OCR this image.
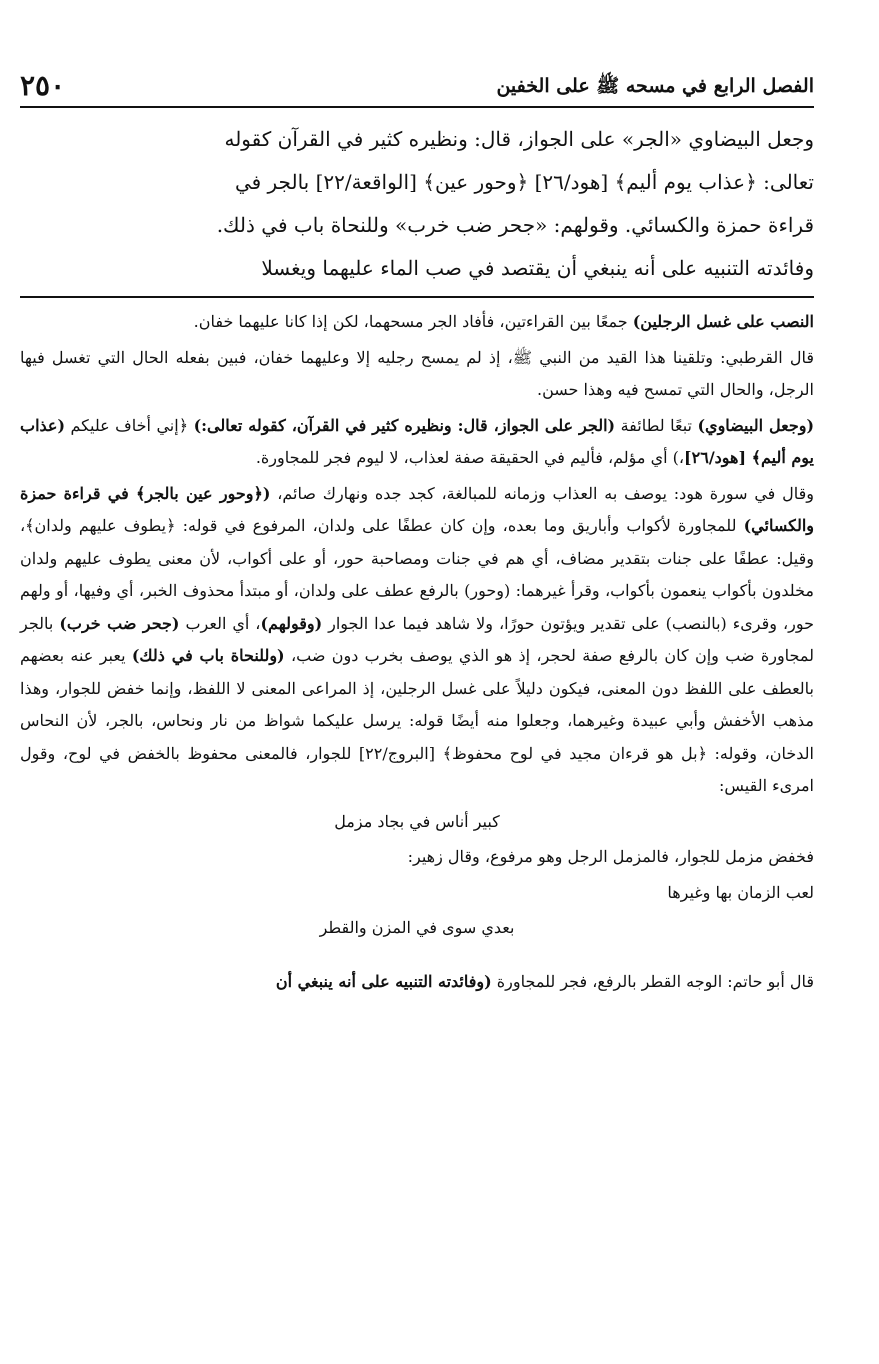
الفصل الرابع في مسحه ﷺ على الخفين
٢٥٠

وجعل البيضاوي «الجر» على الجواز، قال: ونظيره كثير في القرآن كقوله

تعالى: ﴿عذاب يوم أليم﴾ [هود/٢٦] ﴿وحور عين﴾ [الواقعة/٢٢] بالجر في

قراءة حمزة والكسائي. وقولهم: «جحر ضب خرب» وللنحاة باب في ذلك.

وفائدته التنبيه على أنه ينبغي أن يقتصد في صب الماء عليهما ويغسلا

النصب على غسل الرجلين) جمعًا بين القراءتين، فأفاد الجر مسحهما، لكن إذا كانا عليهما خفان.

قال القرطبي: وتلقينا هذا القيد من النبي ﷺ، إذ لم يمسح رجليه إلا وعليهما خفان، فبين بفعله الحال التي تغسل فيها الرجل، والحال التي تمسح فيه وهذا حسن.

(وجعل البيضاوي) تبعًا لطائفة (الجر على الجواز، قال: ونظيره كثير في القرآن، كقوله تعالى:) ﴿إني أخاف عليكم (عذاب يوم أليم﴾ [هود/٢٦]،) أي مؤلم، فأليم في الحقيقة صفة لعذاب، لا ليوم فجر للمجاورة.

وقال في سورة هود: يوصف به العذاب وزمانه للمبالغة، كجد جده ونهارك صائم، (﴿وحور عين بالجر﴾ في قراءة حمزة والكسائي) للمجاورة لأكواب وأباريق وما بعده، وإن كان عطفًا على ولدان، المرفوع في قوله: ﴿يطوف عليهم ولدان﴾، وقيل: عطفًا على جنات بتقدير مضاف، أي هم في جنات ومصاحبة حور، أو على أكواب، لأن معنى يطوف عليهم ولدان مخلدون بأكواب ينعمون بأكواب، وقرأ غيرهما: (وحور) بالرفع عطف على ولدان، أو مبتدأ محذوف الخبر، أي وفيها، أو ولهم حور، وقرىء (بالنصب) على تقدير ويؤتون حورًا، ولا شاهد فيما عدا الجوار (وقولهم)، أي العرب (جحر ضب خرب) بالجر لمجاورة ضب وإن كان بالرفع صفة لحجر، إذ هو الذي يوصف بخرب دون ضب، (وللنحاة باب في ذلك) يعبر عنه بعضهم بالعطف على اللفظ دون المعنى، فيكون دليلاً على غسل الرجلين، إذ المراعى المعنى لا اللفظ، وإنما خفض للجوار، وهذا مذهب الأخفش وأبي عبيدة وغيرهما، وجعلوا منه أيضًا قوله: يرسل عليكما شواظ من نار ونحاس، بالجر، لأن النحاس الدخان، وقوله: ﴿بل هو قرءان مجيد في لوح محفوظ﴾ [البروج/٢٢] للجوار، فالمعنى محفوظ بالخفض في لوح، وقول امرىء القيس:

كبير أناس في بجاد مزمل

فخفض مزمل للجوار، فالمزمل الرجل وهو مرفوع، وقال زهير:

لعب الزمان بها وغيرها

بعدي سوى في المزن والقطر

قال أبو حاتم: الوجه القطر بالرفع، فجر للمجاورة (وفائدته التنبيه على أنه ينبغي أن
